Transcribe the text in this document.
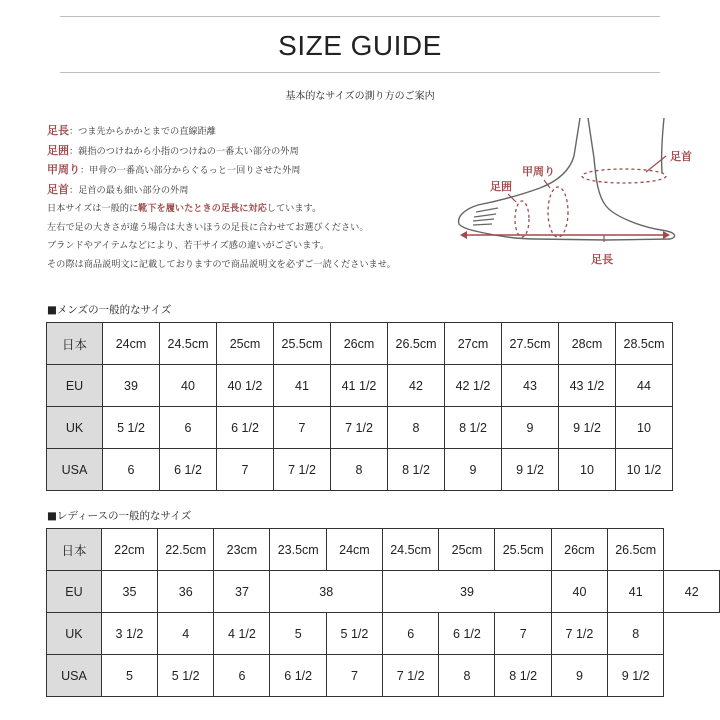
SIZE GUIDE
基本的なサイズの測り方のご案内
足長：つま先からかかとまでの直線距離
足囲：親指のつけねから小指のつけねの一番太い部分の外周
甲周り：甲骨の一番高い部分からぐるっと一回りさせた外周
足首：足首の最も細い部分の外周
日本サイズは一般的に靴下を履いたときの足長に対応しています。
左右で足の大きさが違う場合は大きいほうの足長に合わせてお選びください。
ブランドやアイテムなどにより、若干サイズ感の違いがございます。
その際は商品説明文に記載しておりますので商品説明文を必ずご一読くださいませ。
足首
甲周り
足囲
足長
■メンズの一般的なサイズ
日本	24cm	24.5cm	25cm	25.5cm	26cm	26.5cm	27cm	27.5cm	28cm	28.5cm
EU	39	40	40 1/2	41	41 1/2	42	42 1/2	43	43 1/2	44
UK	5 1/2	6	6 1/2	7	7 1/2	8	8 1/2	9	9 1/2	10
USA	6	6 1/2	7	7 1/2	8	8 1/2	9	9 1/2	10	10 1/2
■レディースの一般的なサイズ
日本	22cm	22.5cm	23cm	23.5cm	24cm	24.5cm	25cm	25.5cm	26cm	26.5cm	
EU	35	36	37	38		39			40	41	42
UK	3 1/2	4	4 1/2	5	5 1/2	6	6 1/2	7	7 1/2	8	
USA	5	5 1/2	6	6 1/2	7	7 1/2	8	8 1/2	9	9 1/2	
